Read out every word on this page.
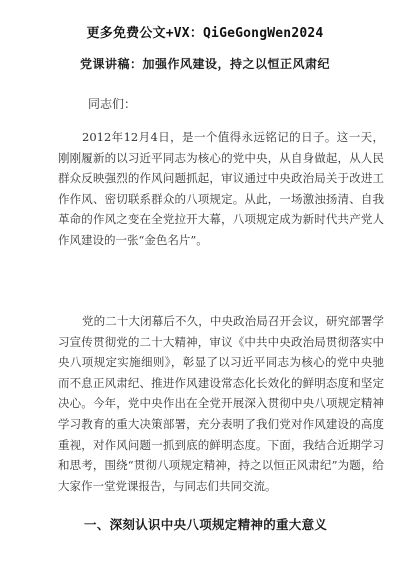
更多免费公文+VX：QiGeGongWen2024
党课讲稿：加强作风建设，持之以恒正风肃纪
同志们：

2012年12月4日，是一个值得永远铭记的日子。这一天，刚刚履新的以习近平同志为核心的党中央，从自身做起，从人民群众反映强烈的作风问题抓起，审议通过中央政治局关于改进工作作风、密切联系群众的八项规定。从此，一场激浊扬清、自我革命的作风之变在全党拉开大幕，八项规定成为新时代共产党人作风建设的一张“金色名片”。

党的二十大闭幕后不久，中央政治局召开会议，研究部署学习宣传贯彻党的二十大精神，审议《中共中央政治局贯彻落实中央八项规定实施细则》，彰显了以习近平同志为核心的党中央驰而不息正风肃纪、推进作风建设常态化长效化的鲜明态度和坚定决心。今年，党中央作出在全党开展深入贯彻中央八项规定精神学习教育的重大决策部署，充分表明了我们党对作风建设的高度重视，对作风问题一抓到底的鲜明态度。下面，我结合近期学习和思考，围绕“贯彻八项规定精神，持之以恒正风肃纪”为题，给大家作一堂党课报告，与同志们共同交流。

一、深刻认识中央八项规定精神的重大意义
